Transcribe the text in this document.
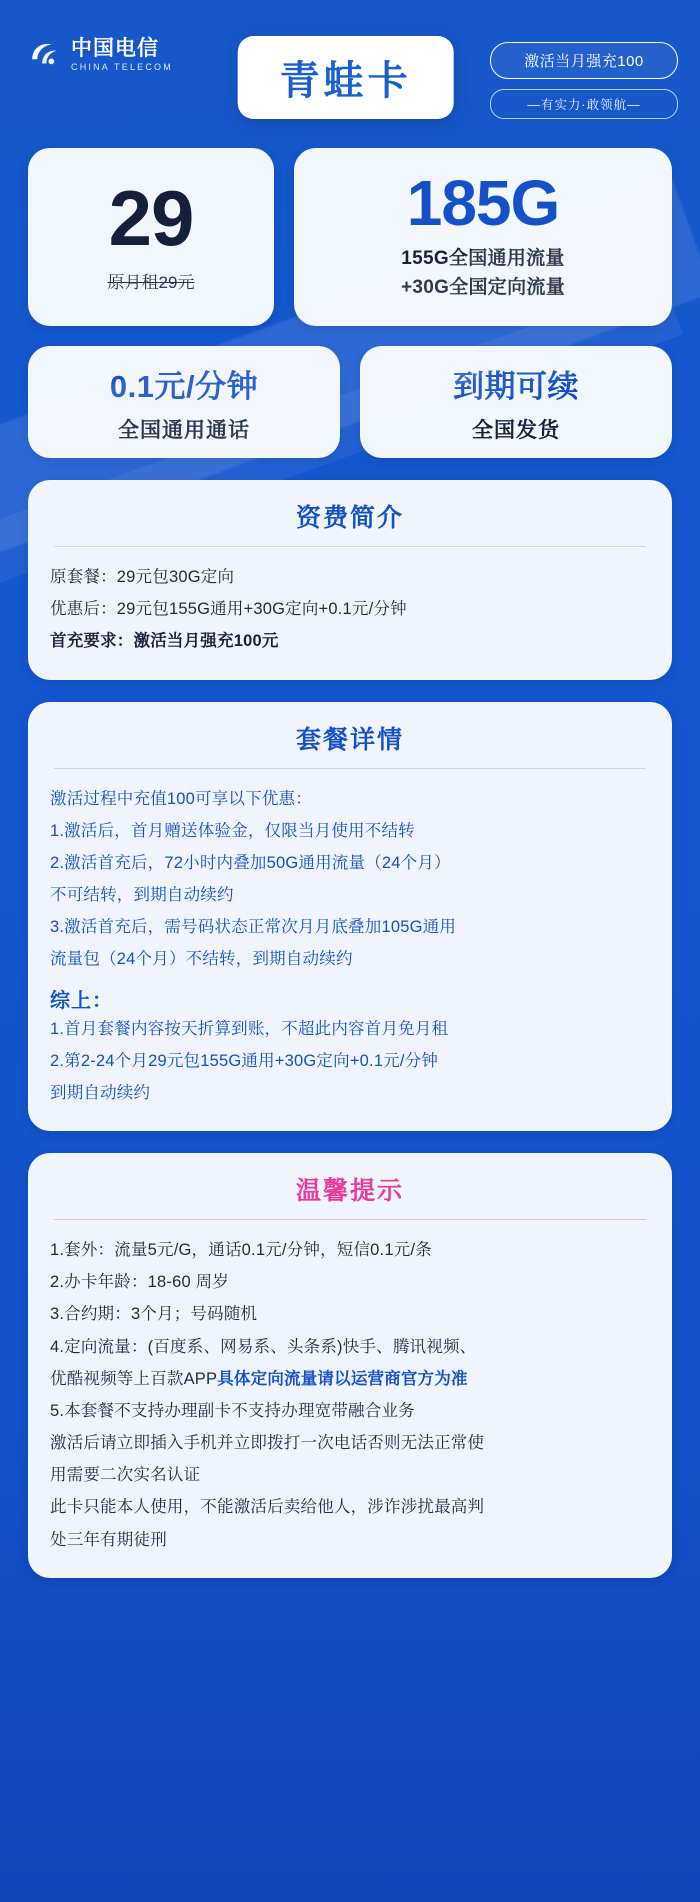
中国电信
CHINA TELECOM	青蛙卡	激活当月强充100
—有实力·敢领航—
29
原月租29元
185G
155G全国通用流量
+30G全国定向流量
0.1元/分钟
全国通用通话
到期可续
全国发货
资费简介
原套餐：29元包30G定向
优惠后：29元包155G通用+30G定向+0.1元/分钟
首充要求：激活当月强充100元
套餐详情
激活过程中充值100可享以下优惠：
1.激活后，首月赠送体验金，仅限当月使用不结转
2.激活首充后，72小时内叠加50G通用流量（24个月）
不可结转，到期自动续约
3.激活首充后，需号码状态正常次月月底叠加105G通用
流量包（24个月）不结转，到期自动续约
综上：
1.首月套餐内容按天折算到账，不超此内容首月免月租
2.第2-24个月29元包155G通用+30G定向+0.1元/分钟
到期自动续约
温馨提示
1.套外：流量5元/G，通话0.1元/分钟，短信0.1元/条
2.办卡年龄：18-60 周岁
3.合约期：3个月；号码随机
4.定向流量：(百度系、网易系、头条系)快手、腾讯视频、
优酷视频等上百款APP具体定向流量请以运营商官方为准
5.本套餐不支持办理副卡不支持办理宽带融合业务
激活后请立即插入手机并立即拨打一次电话否则无法正常使
用需要二次实名认证
此卡只能本人使用，不能激活后卖给他人，涉诈涉扰最高判
处三年有期徒刑
